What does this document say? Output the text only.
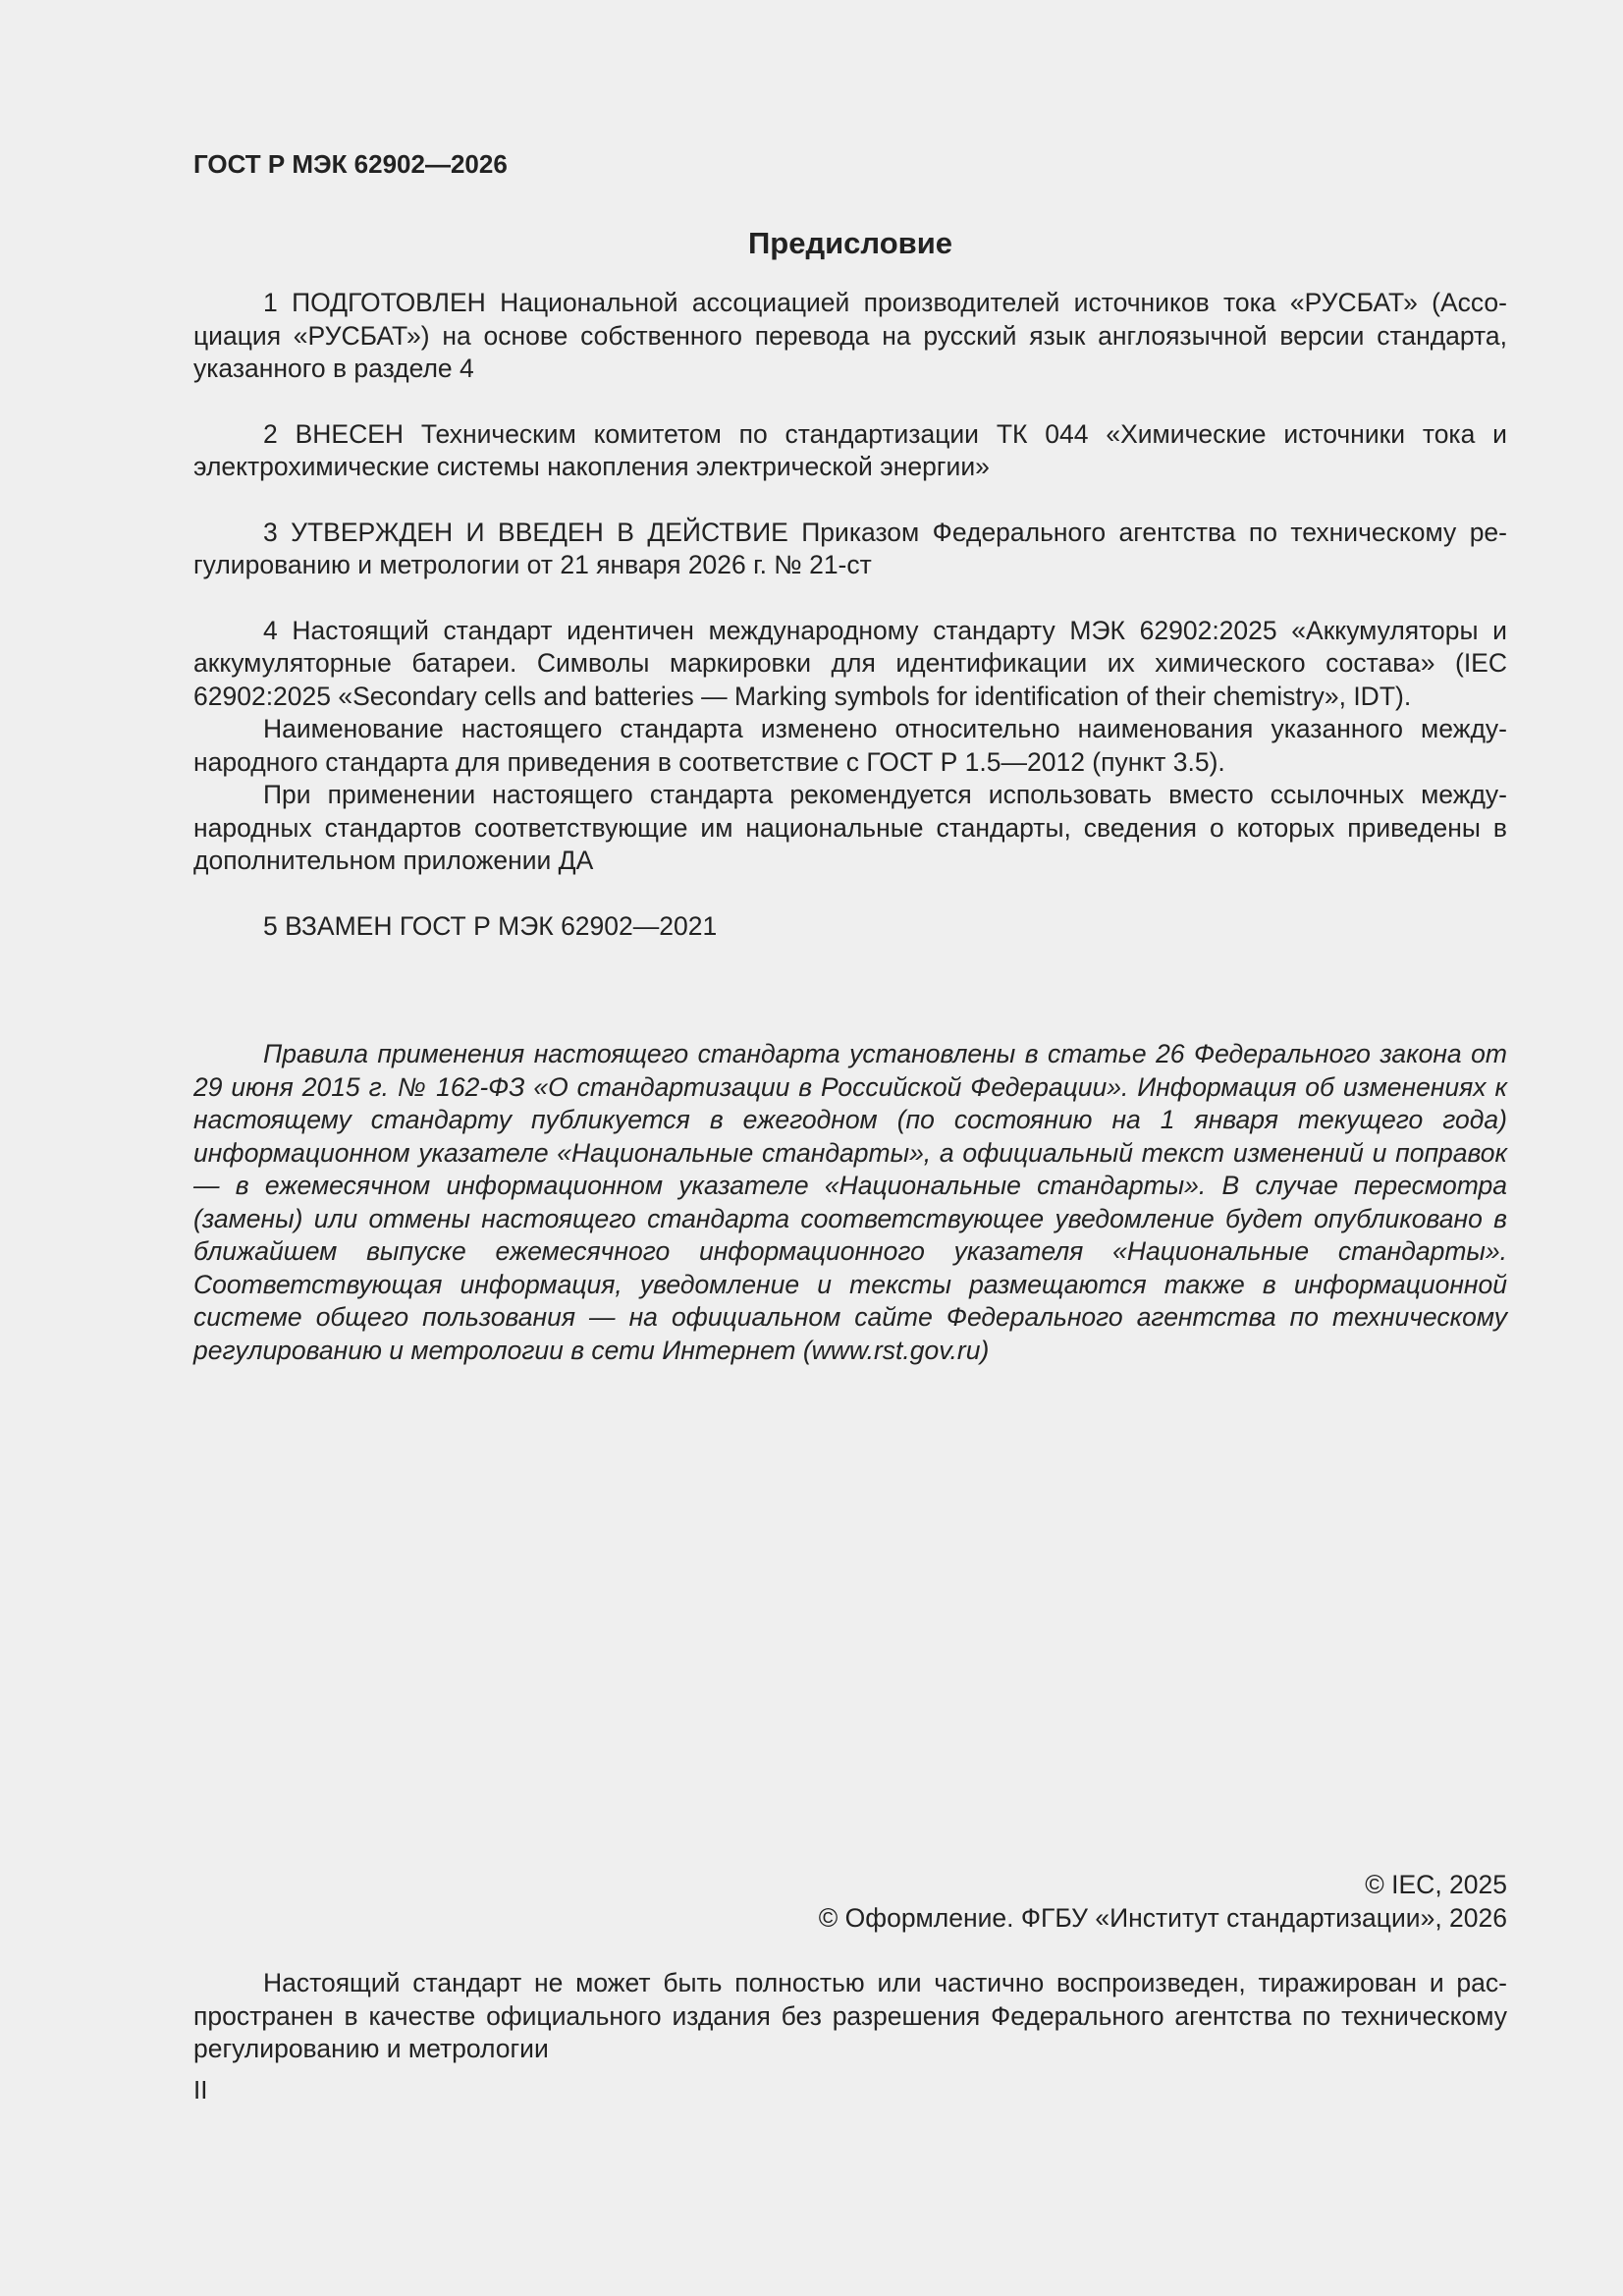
ГОСТ Р МЭК 62902—2026
Предисловие

1 ПОДГОТОВЛЕН Национальной ассоциацией производителей источников тока «РУСБАТ» (Ассоциация «РУСБАТ») на основе собственного перевода на русский язык англоязычной версии стандарта, указанного в разделе 4

2 ВНЕСЕН Техническим комитетом по стандартизации ТК 044 «Химические источники тока и электрохимические системы накопления электрической энергии»

3 УТВЕРЖДЕН И ВВЕДЕН В ДЕЙСТВИЕ Приказом Федерального агентства по техническому регулированию и метрологии от 21 января 2026 г. № 21-ст

4 Настоящий стандарт идентичен международному стандарту МЭК 62902:2025 «Аккумуляторы и аккумуляторные батареи. Символы маркировки для идентификации их химического состава» (IEC 62902:2025 «Secondary cells and batteries — Marking symbols for identification of their chemistry», IDT).

Наименование настоящего стандарта изменено относительно наименования указанного международного стандарта для приведения в соответствие с ГОСТ Р 1.5—2012 (пункт 3.5).

При применении настоящего стандарта рекомендуется использовать вместо ссылочных международных стандартов соответствующие им национальные стандарты, сведения о которых приведены в дополнительном приложении ДА

5 ВЗАМЕН ГОСТ Р МЭК 62902—2021

Правила применения настоящего стандарта установлены в статье 26 Федерального закона от 29 июня 2015 г. № 162-ФЗ «О стандартизации в Российской Федерации». Информация об изменениях к настоящему стандарту публикуется в ежегодном (по состоянию на 1 января текущего года) информационном указателе «Национальные стандарты», а официальный текст изменений и поправок — в ежемесячном информационном указателе «Национальные стандарты». В случае пересмотра (замены) или отмены настоящего стандарта соответствующее уведомление будет опубликовано в ближайшем выпуске ежемесячного информационного указателя «Национальные стандарты». Соответствующая информация, уведомление и тексты размещаются также в информационной системе общего пользования — на официальном сайте Федерального агентства по техническому регулированию и метрологии в сети Интернет (www.rst.gov.ru)

© IEC, 2025
© Оформление. ФГБУ «Институт стандартизации», 2026

Настоящий стандарт не может быть полностью или частично воспроизведен, тиражирован и распространен в качестве официального издания без разрешения Федерального агентства по техническому регулированию и метрологии

II
